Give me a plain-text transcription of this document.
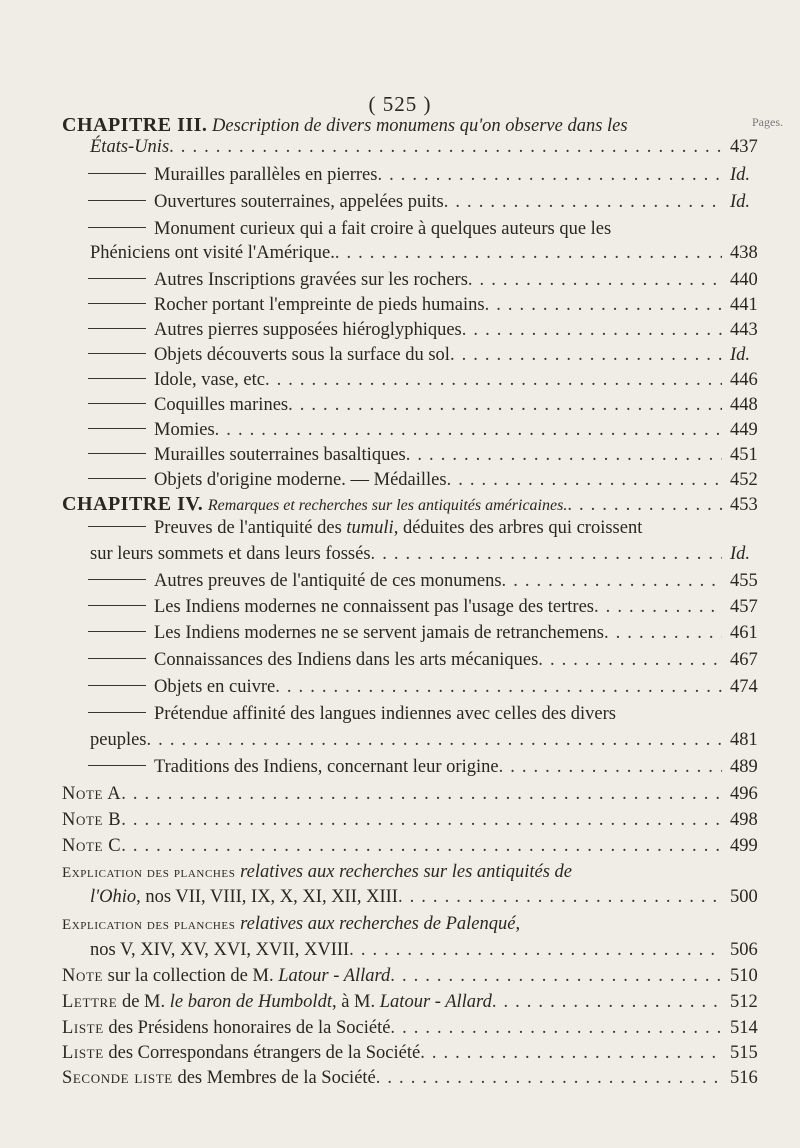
( 525 )
Pages.
CHAPITRE III. Description de divers monumens qu'on observe dans les
États-Unis . . .	437
Murailles parallèles en pierres . . .	Id.
Ouvertures souterraines, appelées puits . . .	Id.
Monument curieux qui a fait croire à quelques auteurs que les
Phéniciens ont visité l'Amérique. . . .	438
Autres Inscriptions gravées sur les rochers . . .	440
Rocher portant l'empreinte de pieds humains . . .	441
Autres pierres supposées hiéroglyphiques . . .	443
Objets découverts sous la surface du sol . . .	Id.
Idole, vase, etc . . .	446
Coquilles marines . . .	448
Momies . . .	449
Murailles souterraines basaltiques . . .	451
Objets d'origine moderne. — Médailles . . .	452
CHAPITRE IV. Remarques et recherches sur les antiquités américaines. . . .	453
Preuves de l'antiquité des tumuli, déduites des arbres qui croissent
sur leurs sommets et dans leurs fossés . . .	Id.
Autres preuves de l'antiquité de ces monumens . . .	455
Les Indiens modernes ne connaissent pas l'usage des tertres . . .	457
Les Indiens modernes ne se servent jamais de retranchemens . . .	461
Connaissances des Indiens dans les arts mécaniques . . .	467
Objets en cuivre . . .	474
Prétendue affinité des langues indiennes avec celles des divers
peuples . . .	481
Traditions des Indiens, concernant leur origine . . .	489
Note A . . .	496
Note B . . .	498
Note C . . .	499
Explication des planches relatives aux recherches sur les antiquités de
l'Ohio, nos VII, VIII, IX, X, XI, XII, XIII . . .	500
Explication des planches relatives aux recherches de Palenqué,
nos V, XIV, XV, XVI, XVII, XVIII . . .	506
Note sur la collection de M. Latour - Allard . . .	510
Lettre de M. le baron de Humboldt, à M. Latour - Allard . . .	512
Liste des Présidens honoraires de la Société . . .	514
Liste des Correspondans étrangers de la Société . . .	515
Seconde liste des Membres de la Société . . .	516
